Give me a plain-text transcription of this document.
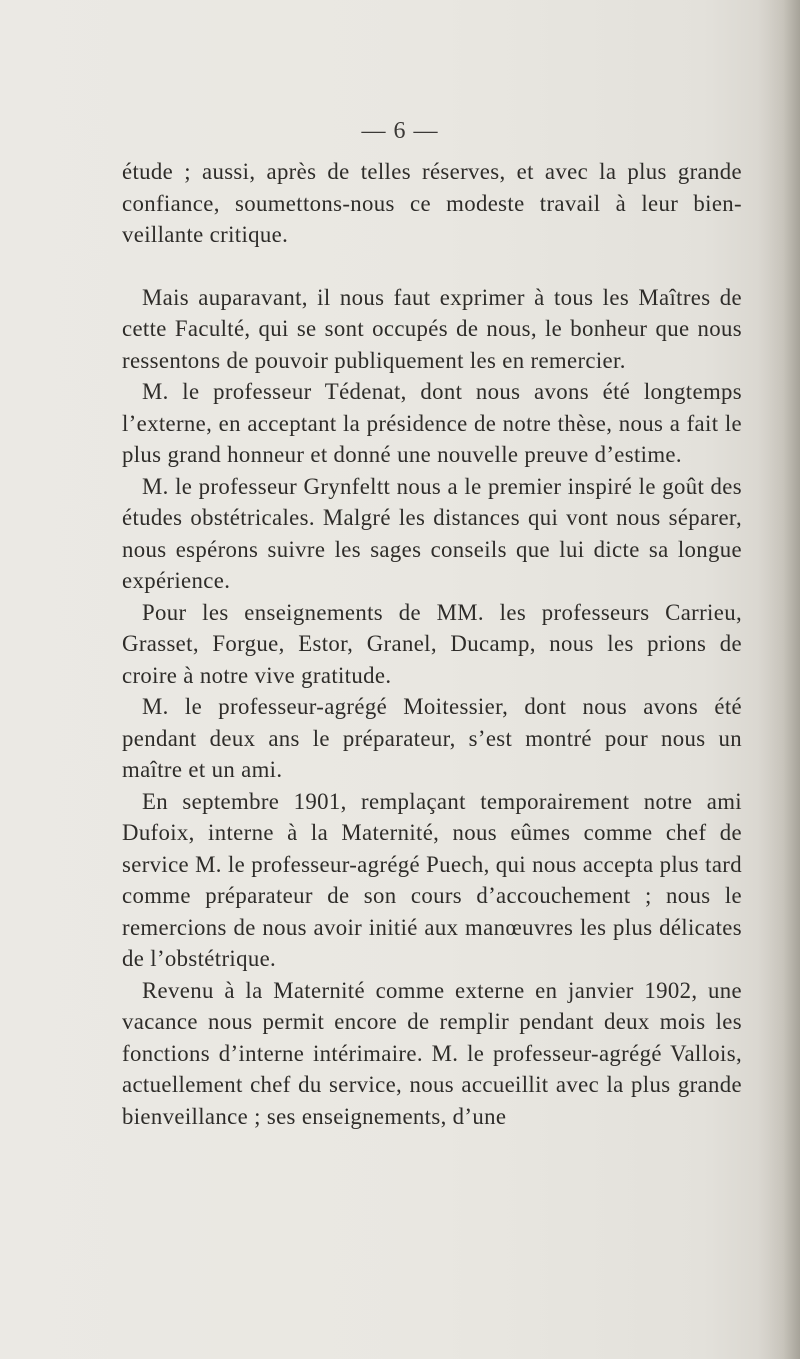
— 6 —

étude ; aussi, après de telles réserves, et avec la plus grande confiance, soumettons-nous ce modeste travail à leur bien-veillante critique.

Mais auparavant, il nous faut exprimer à tous les Maîtres de cette Faculté, qui se sont occupés de nous, le bonheur que nous ressentons de pouvoir publiquement les en remercier.

M. le professeur Tédenat, dont nous avons été longtemps l’externe, en acceptant la présidence de notre thèse, nous a fait le plus grand honneur et donné une nouvelle preuve d’estime.

M. le professeur Grynfeltt nous a le premier inspiré le goût des études obstétricales. Malgré les distances qui vont nous séparer, nous espérons suivre les sages conseils que lui dicte sa longue expérience.

Pour les enseignements de MM. les professeurs Carrieu, Grasset, Forgue, Estor, Granel, Ducamp, nous les prions de croire à notre vive gratitude.

M. le professeur-agrégé Moitessier, dont nous avons été pendant deux ans le préparateur, s’est montré pour nous un maître et un ami.

En septembre 1901, remplaçant temporairement notre ami Dufoix, interne à la Maternité, nous eûmes comme chef de service M. le professeur-agrégé Puech, qui nous accepta plus tard comme préparateur de son cours d’accouchement ; nous le remercions de nous avoir initié aux manœuvres les plus délicates de l’obstétrique.

Revenu à la Maternité comme externe en janvier 1902, une vacance nous permit encore de remplir pendant deux mois les fonctions d’interne intérimaire. M. le professeur-agrégé Vallois, actuellement chef du service, nous accueillit avec la plus grande bienveillance ; ses enseignements, d’une
